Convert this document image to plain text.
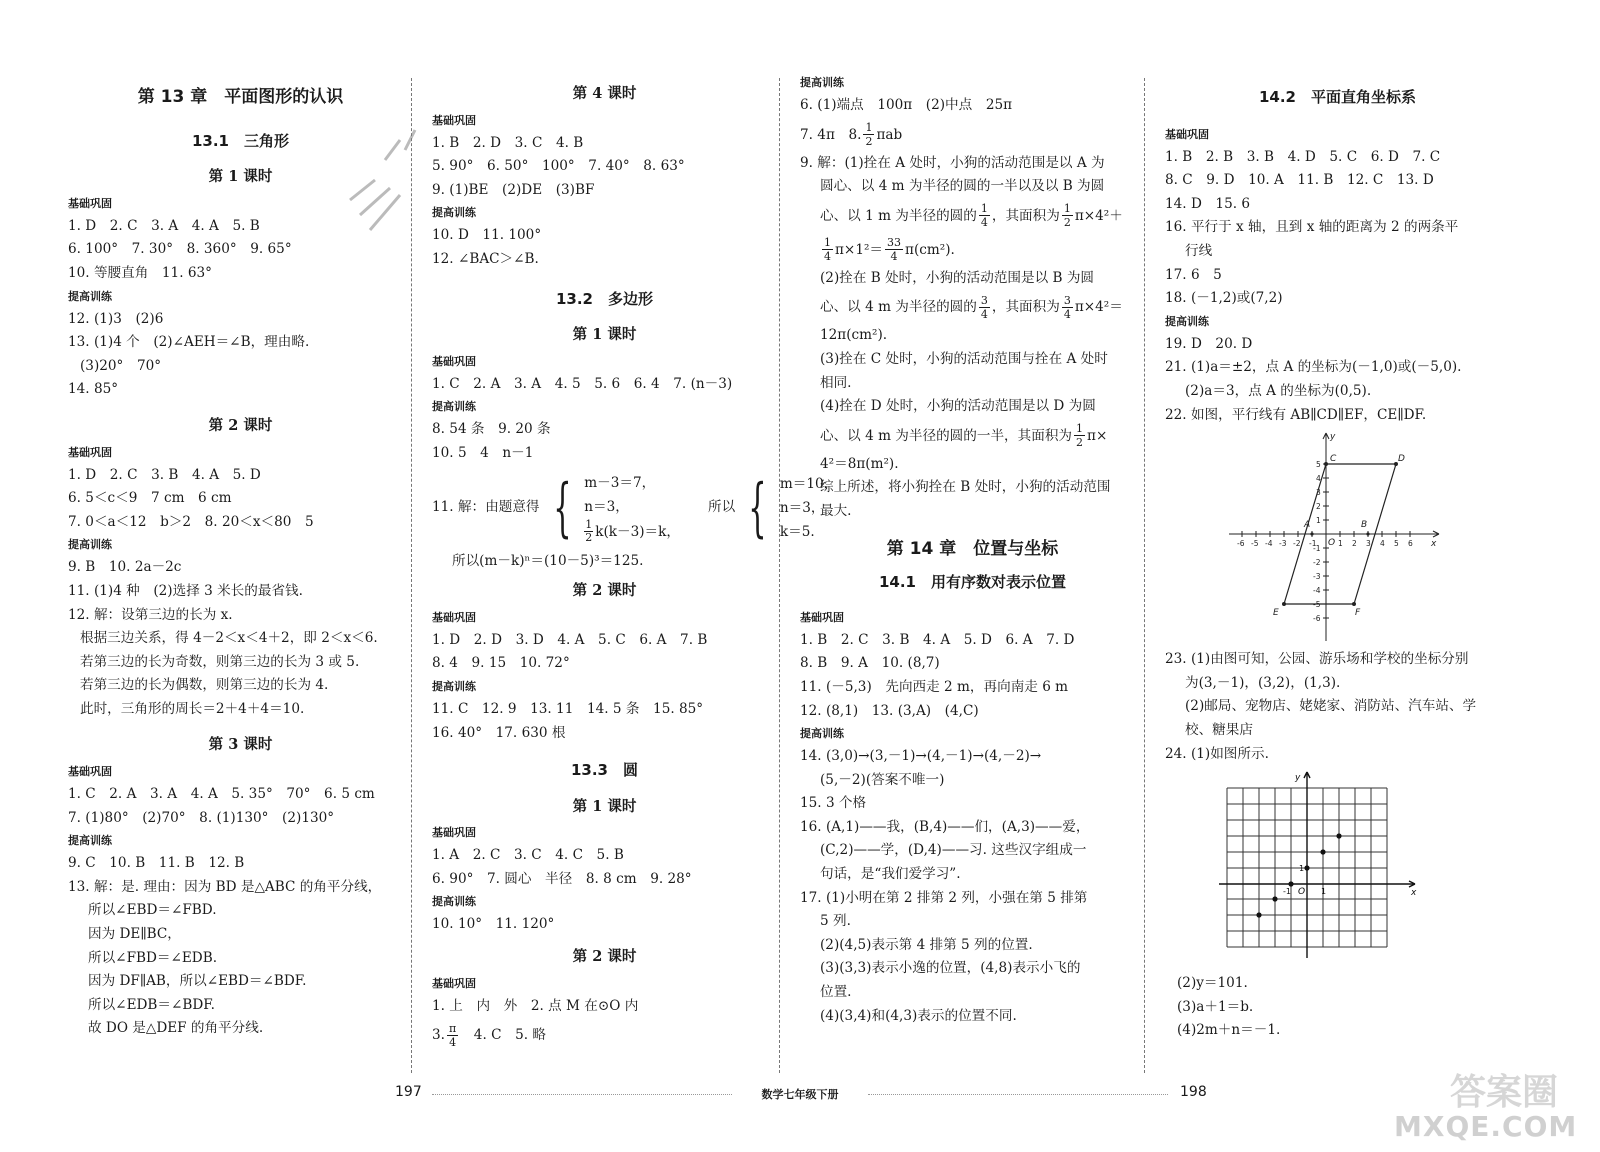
第 13 章　平面图形的认识
13.1　三角形
第 1 课时
基础巩固
1. D　2. C　3. A　4. A　5. B
6. 100°　7. 30°　8. 360°　9. 65°
10. 等腰直角　11. 63°
提高训练
12. (1)3　(2)6
13. (1)4 个　(2)∠AEH＝∠B，理由略.
(3)20°　70°
14. 85°
第 2 课时
基础巩固
1. D　2. C　3. B　4. A　5. D
6. 5＜c＜9　7 cm　6 cm
7. 0＜a＜12　b＞2　8. 20＜x＜80　5
提高训练
9. B　10. 2a－2c
11. (1)4 种　(2)选择 3 米长的最省钱.
12. 解：设第三边的长为 x.
根据三边关系，得 4－2＜x＜4＋2，即 2＜x＜6.
若第三边的长为奇数，则第三边的长为 3 或 5.
若第三边的长为偶数，则第三边的长为 4.
此时，三角形的周长＝2＋4＋4＝10.
第 3 课时
基础巩固
1. C　2. A　3. A　4. A　5. 35°　70°　6. 5 cm
7. (1)80°　(2)70°　8. (1)130°　(2)130°
提高训练
9. C　10. B　11. B　12. B
13. 解：是. 理由：因为 BD 是△ABC 的角平分线，
所以∠EBD＝∠FBD.
因为 DE∥BC，
所以∠FBD＝∠EDB.
因为 DF∥AB，所以∠EBD＝∠BDF.
所以∠EDB＝∠BDF.
故 DO 是△DEF 的角平分线.
第 4 课时
基础巩固
1. B　2. D　3. C　4. B
5. 90°　6. 50°　100°　7. 40°　8. 63°
9. (1)BE　(2)DE　(3)BF
提高训练
10. D　11. 100°
12. ∠BAC＞∠B.
13.2　多边形
第 1 课时
基础巩固
1. C　2. A　3. A　4. 5　5. 6　6. 4　7. (n－3)
提高训练
8. 54 条　9. 20 条
10. 5　4　n－1
11. 解：由题意得 { m－3＝7，
n＝3，
$\frac{1}{2} k(k-3)=k$，
所以 { m＝10，
n＝3，
k＝5.
所以(m－k)ⁿ＝(10－5)³＝125.
第 2 课时
基础巩固
1. D　2. D　3. D　4. A　5. C　6. A　7. B
8. 4　9. 15　10. 72°
提高训练
11. C　12. 9　13. 11　14. 5 条　15. 85°
16. 40°　17. 630 根
13.3　圆
第 1 课时
基础巩固
1. A　2. C　3. C　4. C　5. B
6. 90°　7. 圆心　半径　8. 8 cm　9. 28°
提高训练
10. 10°　11. 120°
第 2 课时
基础巩固
1. 上　内　外　2. 点 M 在⊙O 内
3. $\frac{\pi}{4}$ 　4. C　5. 略
提高训练
6. (1)端点　100π　(2)中点　25π
7. 4π　8. $\frac{1}{2}$ πab
9. 解：(1)拴在 A 处时，小狗的活动范围是以 A 为
圆心、以 4 m 为半径的圆的一半以及以 B 为圆
心、以 1 m 为半径的圆的 $\frac{1}{4}$ ，其面积为 $\frac{1}{2} \pi\times 4^2+$
$\frac{1}{4} \pi\times 1^2= \frac{33}{4} \pi(cm^2)$.
(2)拴在 B 处时，小狗的活动范围是以 B 为圆
心、以 4 m 为半径的圆的 $\frac{3}{4}$ ，其面积为 $\frac{3}{4} \pi\times 4^2=$
12π(cm²).
(3)拴在 C 处时，小狗的活动范围与拴在 A 处时
相同.
(4)拴在 D 处时，小狗的活动范围是以 D 为圆
心、以 4 m 为半径的圆的一半，其面积为 $\frac{1}{2} \pi\times$
4²＝8π(m²).
综上所述，将小狗拴在 B 处时，小狗的活动范围
最大.
第 14 章　位置与坐标
14.1　用有序数对表示位置
基础巩固
1. B　2. C　3. B　4. A　5. D　6. A　7. D
8. B　9. A　10. (8,7)
11. (－5,3)　先向西走 2 m，再向南走 6 m
12. (8,1)　13. (3,A)　(4,C)
提高训练
14. (3,0)→(3,－1)→(4,－1)→(4,－2)→
(5,－2)(答案不唯一)
15. 3 个格
16. (A,1)——我，(B,4)——们，(A,3)——爱，
(C,2)——学，(D,4)——习. 这些汉字组成一
句话，是“我们爱学习”.
17. (1)小明在第 2 排第 2 列，小强在第 5 排第
5 列.
(2)(4,5)表示第 4 排第 5 列的位置.
(3)(3,3)表示小逸的位置，(4,8)表示小飞的
位置.
(4)(3,4)和(4,3)表示的位置不同.
14.2　平面直角坐标系
基础巩固
1. B　2. B　3. B　4. D　5. C　6. D　7. C
8. C　9. D　10. A　11. B　12. C　13. D
14. D　15. 6
16. 平行于 x 轴，且到 x 轴的距离为 2 的两条平
行线
17. 6　5
18. (－1,2)或(7,2)
提高训练
19. D　20. D
21. (1)a＝±2，点 A 的坐标为(－1,0)或(－5,0).
(2)a＝3，点 A 的坐标为(0,5).
22. 如图，平行线有 AB∥CD∥EF，CE∥DF.
y
x
O
A	B
C	D
E	F
-6 -5 -4 -3 -2 -1	1 2 3 4 5 6
5
4
3
2
1
-1
-2
-3
-4
-5
-6
23. (1)由图可知，公园、游乐场和学校的坐标分别
为(3,－1)，(3,2)，(1,3).
(2)邮局、宠物店、姥姥家、消防站、汽车站、学
校、糖果店
24. (1)如图所示.
y
x
O 1
1
-1
(2)y＝101.
(3)a＋1＝b.
(4)2m＋n＝－1.
197	数学七年级下册	198	答案圈
MXQE.COM
